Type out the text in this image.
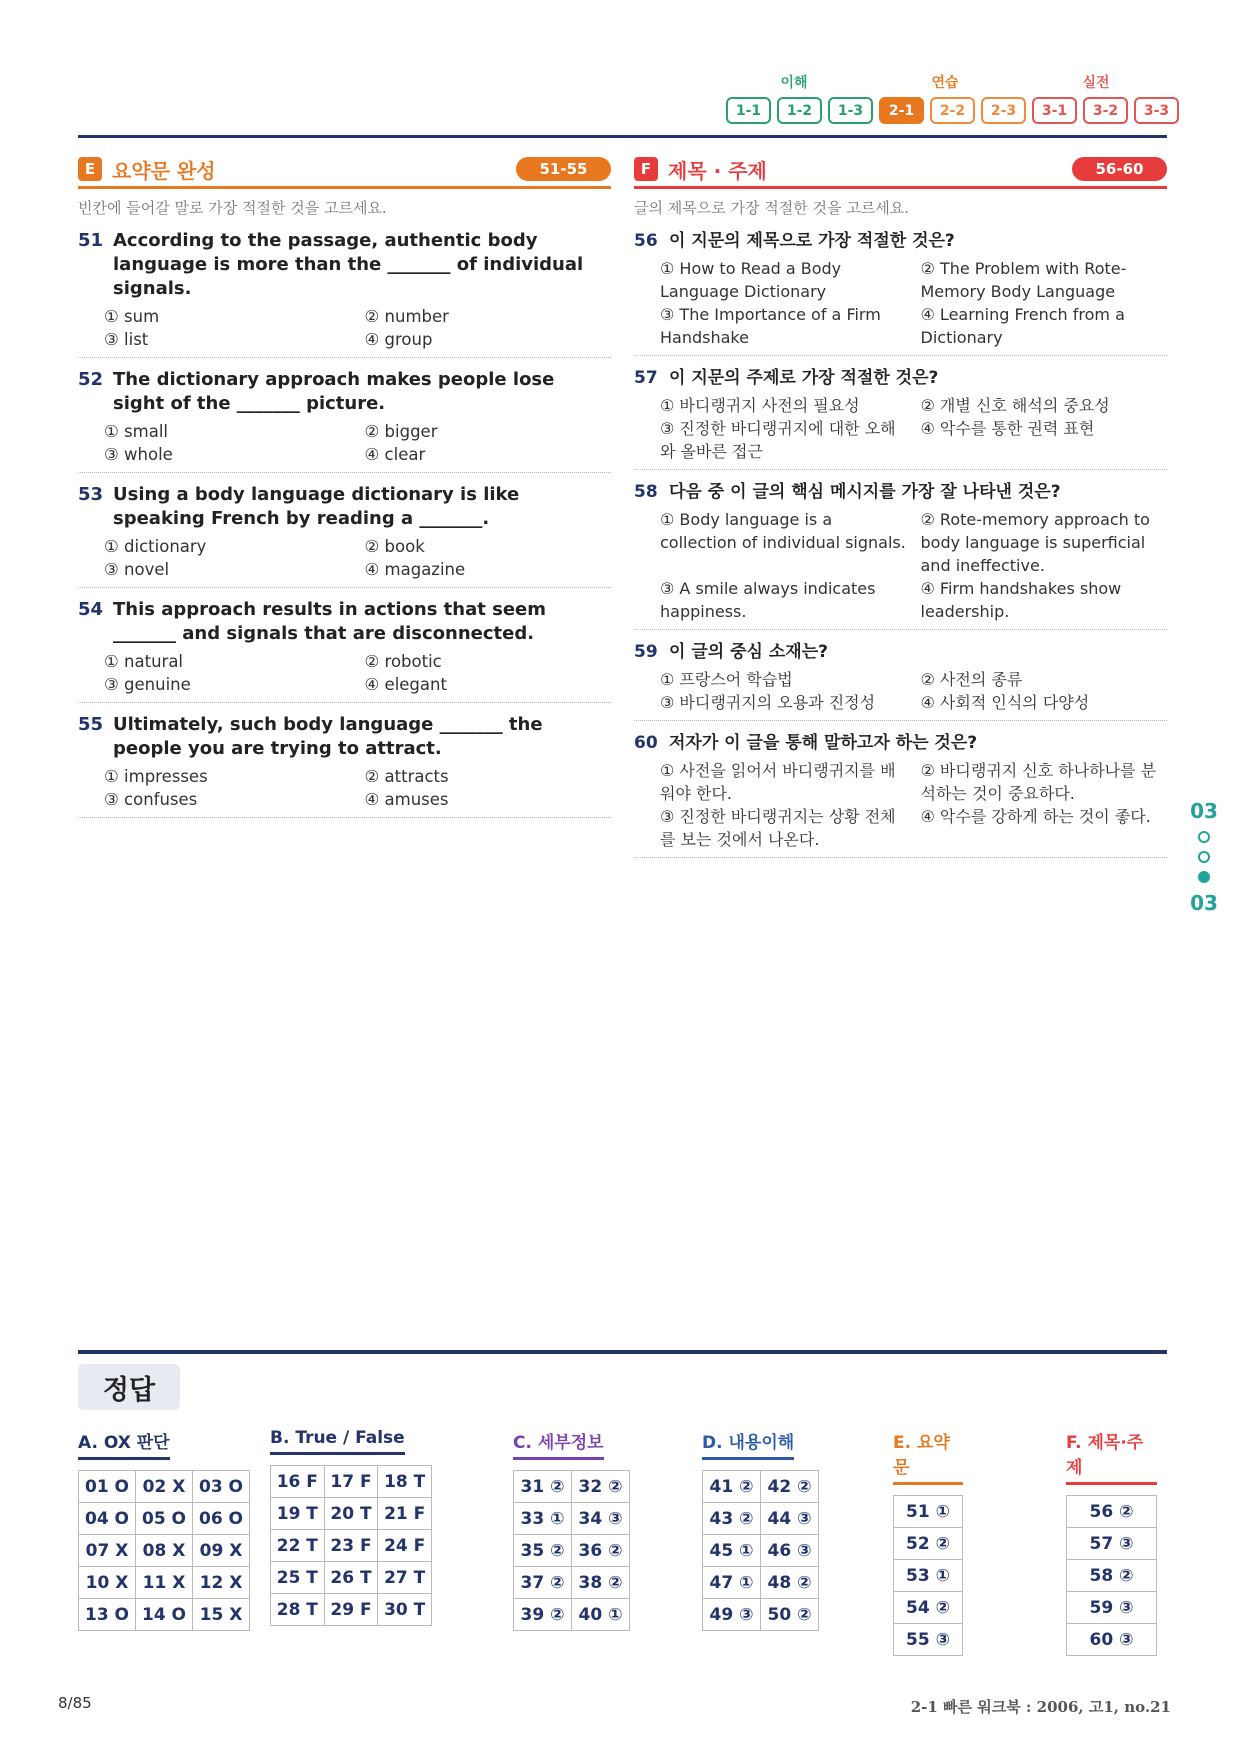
이해	연습	실전
1-1	1-2	1-3	2-1	2-2	2-3	3-1	3-2	3-3
E 요약문 완성	51-55
빈칸에 들어갈 말로 가장 적절한 것을 고르세요.
51 According to the passage, authentic body language is more than the _______ of individual signals.
① sum	② number
③ list	④ group
52 The dictionary approach makes people lose sight of the _______ picture.
① small	② bigger
③ whole	④ clear
53 Using a body language dictionary is like speaking French by reading a _______.
① dictionary	② book
③ novel	④ magazine
54 This approach results in actions that seem _______ and signals that are disconnected.
① natural	② robotic
③ genuine	④ elegant
55 Ultimately, such body language _______ the people you are trying to attract.
① impresses	② attracts
③ confuses	④ amuses
F 제목 · 주제	56-60
글의 제목으로 가장 적절한 것을 고르세요.
56 이 지문의 제목으로 가장 적절한 것은?
① How to Read a Body Language Dictionary
② The Problem with Rote-Memory Body Language
③ The Importance of a Firm Handshake
④ Learning French from a Dictionary
57 이 지문의 주제로 가장 적절한 것은?
① 바디랭귀지 사전의 필요성	② 개별 신호 해석의 중요성
③ 진정한 바디랭귀지에 대한 오해와 올바른 접근
④ 악수를 통한 권력 표현
58 다음 중 이 글의 핵심 메시지를 가장 잘 나타낸 것은?
① Body language is a collection of individual signals.
② Rote-memory approach to body language is superficial and ineffective.
③ A smile always indicates happiness.
④ Firm handshakes show leadership.
59 이 글의 중심 소재는?
① 프랑스어 학습법	② 사전의 종류
③ 바디랭귀지의 오용과 진정성	④ 사회적 인식의 다양성
60 저자가 이 글을 통해 말하고자 하는 것은?
① 사전을 읽어서 바디랭귀지를 배워야 한다.
② 바디랭귀지 신호 하나하나를 분석하는 것이 중요하다.
③ 진정한 바디랭귀지는 상황 전체를 보는 것에서 나온다.
④ 악수를 강하게 하는 것이 좋다.	03
03
정답
A. OX 판단
01 O 02 X 03 O
04 O 05 O 06 O
07 X 08 X 09 X
10 X 11 X 12 X
13 O 14 O 15 X
B. True / False
16 F 17 F 18 T
19 T 20 T 21 F
22 T 23 F 24 F
25 T 26 T 27 T
28 T 29 F 30 T
C. 세부정보
31 ② 32 ②
33 ① 34 ③
35 ② 36 ②
37 ② 38 ②
39 ② 40 ①
D. 내용이해
41 ② 42 ②
43 ② 44 ③
45 ① 46 ③
47 ① 48 ②
49 ③ 50 ②
E. 요약문
51 ①
52 ②
53 ①
54 ②
55 ③
F. 제목·주제
56 ②
57 ③
58 ②
59 ③
60 ③
8/85	2-1 빠른 워크북 : 2006, 고1, no.21
